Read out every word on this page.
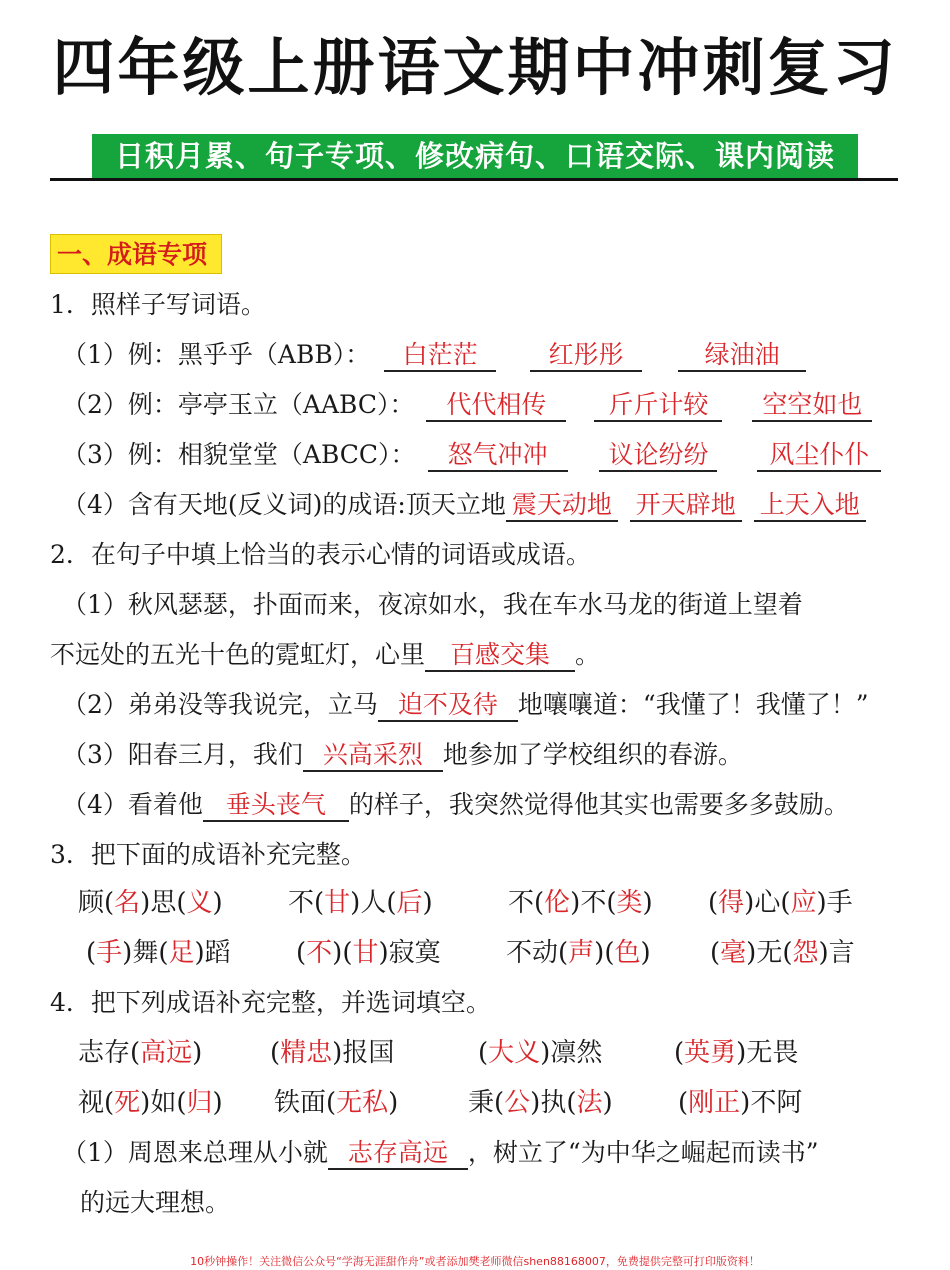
四年级上册语文期中冲刺复习
日积月累、句子专项、修改病句、口语交际、课内阅读
一、成语专项
1．照样子写词语。
（1）例：黑乎乎（ABB）： 白茫茫	红彤彤	绿油油
（2）例：亭亭玉立（AABC）： 代代相传 斤斤计较 空空如也
（3）例：相貌堂堂（ABCC）： 怒气冲冲 议论纷纷 风尘仆仆
（4）含有天地(反义词)的成语:顶天立地 震天动地 开天辟地 上天入地
2．在句子中填上恰当的表示心情的词语或成语。
（1）秋风瑟瑟，扑面而来，夜凉如水，我在车水马龙的街道上望着
不远处的五光十色的霓虹灯，心里 百感交集 。
（2）弟弟没等我说完，立马 迫不及待 地嚷嚷道：“我懂了！我懂了！”
（3）阳春三月，我们 兴高采烈 地参加了学校组织的春游。
（4）看着他 垂头丧气 的样子，我突然觉得他其实也需要多多鼓励。
3．把下面的成语补充完整。
顾(名)思(义)	不(甘)人(后)	不(伦)不(类) (得)心(应)手
(手)舞(足)蹈	(不)(甘)寂寞	不动(声)(色) (毫)无(怨)言
4．把下列成语补充完整，并选词填空。
志存(高远)	(精忠)报国	(大义)凛然	(英勇)无畏
视(死)如(归) 铁面(无私)	秉(公)执(法)	(刚正)不阿
（1）周恩来总理从小就 志存高远 ，树立了“为中华之崛起而读书”
的远大理想。
10秒钟操作！关注微信公众号“学海无涯甜作舟”或者添加樊老师微信shen88168007，免费提供完整可打印版资料！
